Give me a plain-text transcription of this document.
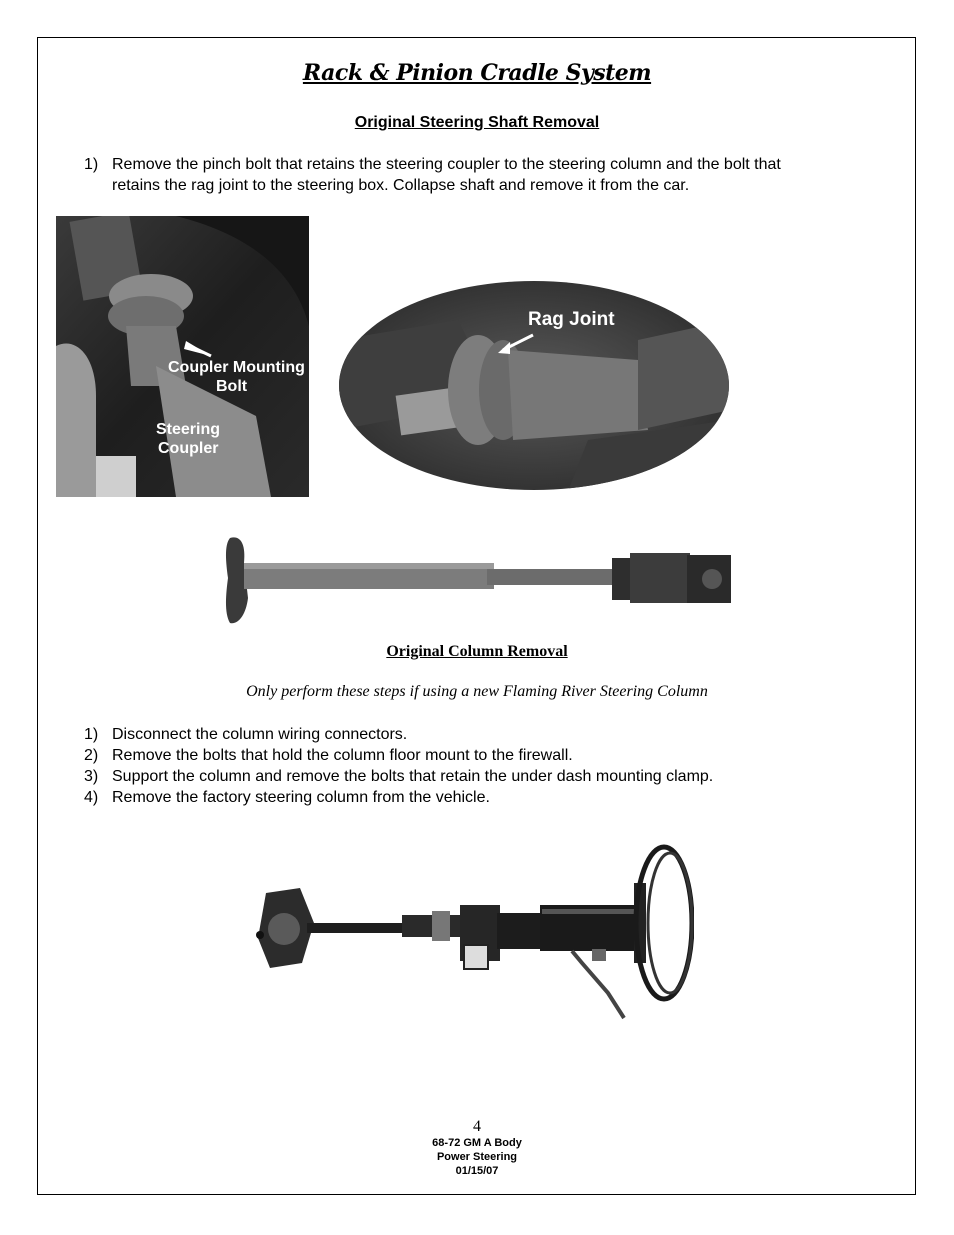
Rack & Pinion Cradle System
Original Steering Shaft Removal
1) Remove the pinch bolt that retains the steering coupler to the steering column and the bolt that
retains the rag joint to the steering box. Collapse shaft and remove it from the car.
Coupler Mounting
Bolt
Steering
Coupler
Rag Joint
Original Column Removal
Only perform these steps if using a new Flaming River Steering Column
1) Disconnect the column wiring connectors.
2) Remove the bolts that hold the column floor mount to the firewall.
3) Support the column and remove the bolts that retain the under dash mounting clamp.
4) Remove the factory steering column from the vehicle.
4
68-72 GM A Body
Power Steering
01/15/07
